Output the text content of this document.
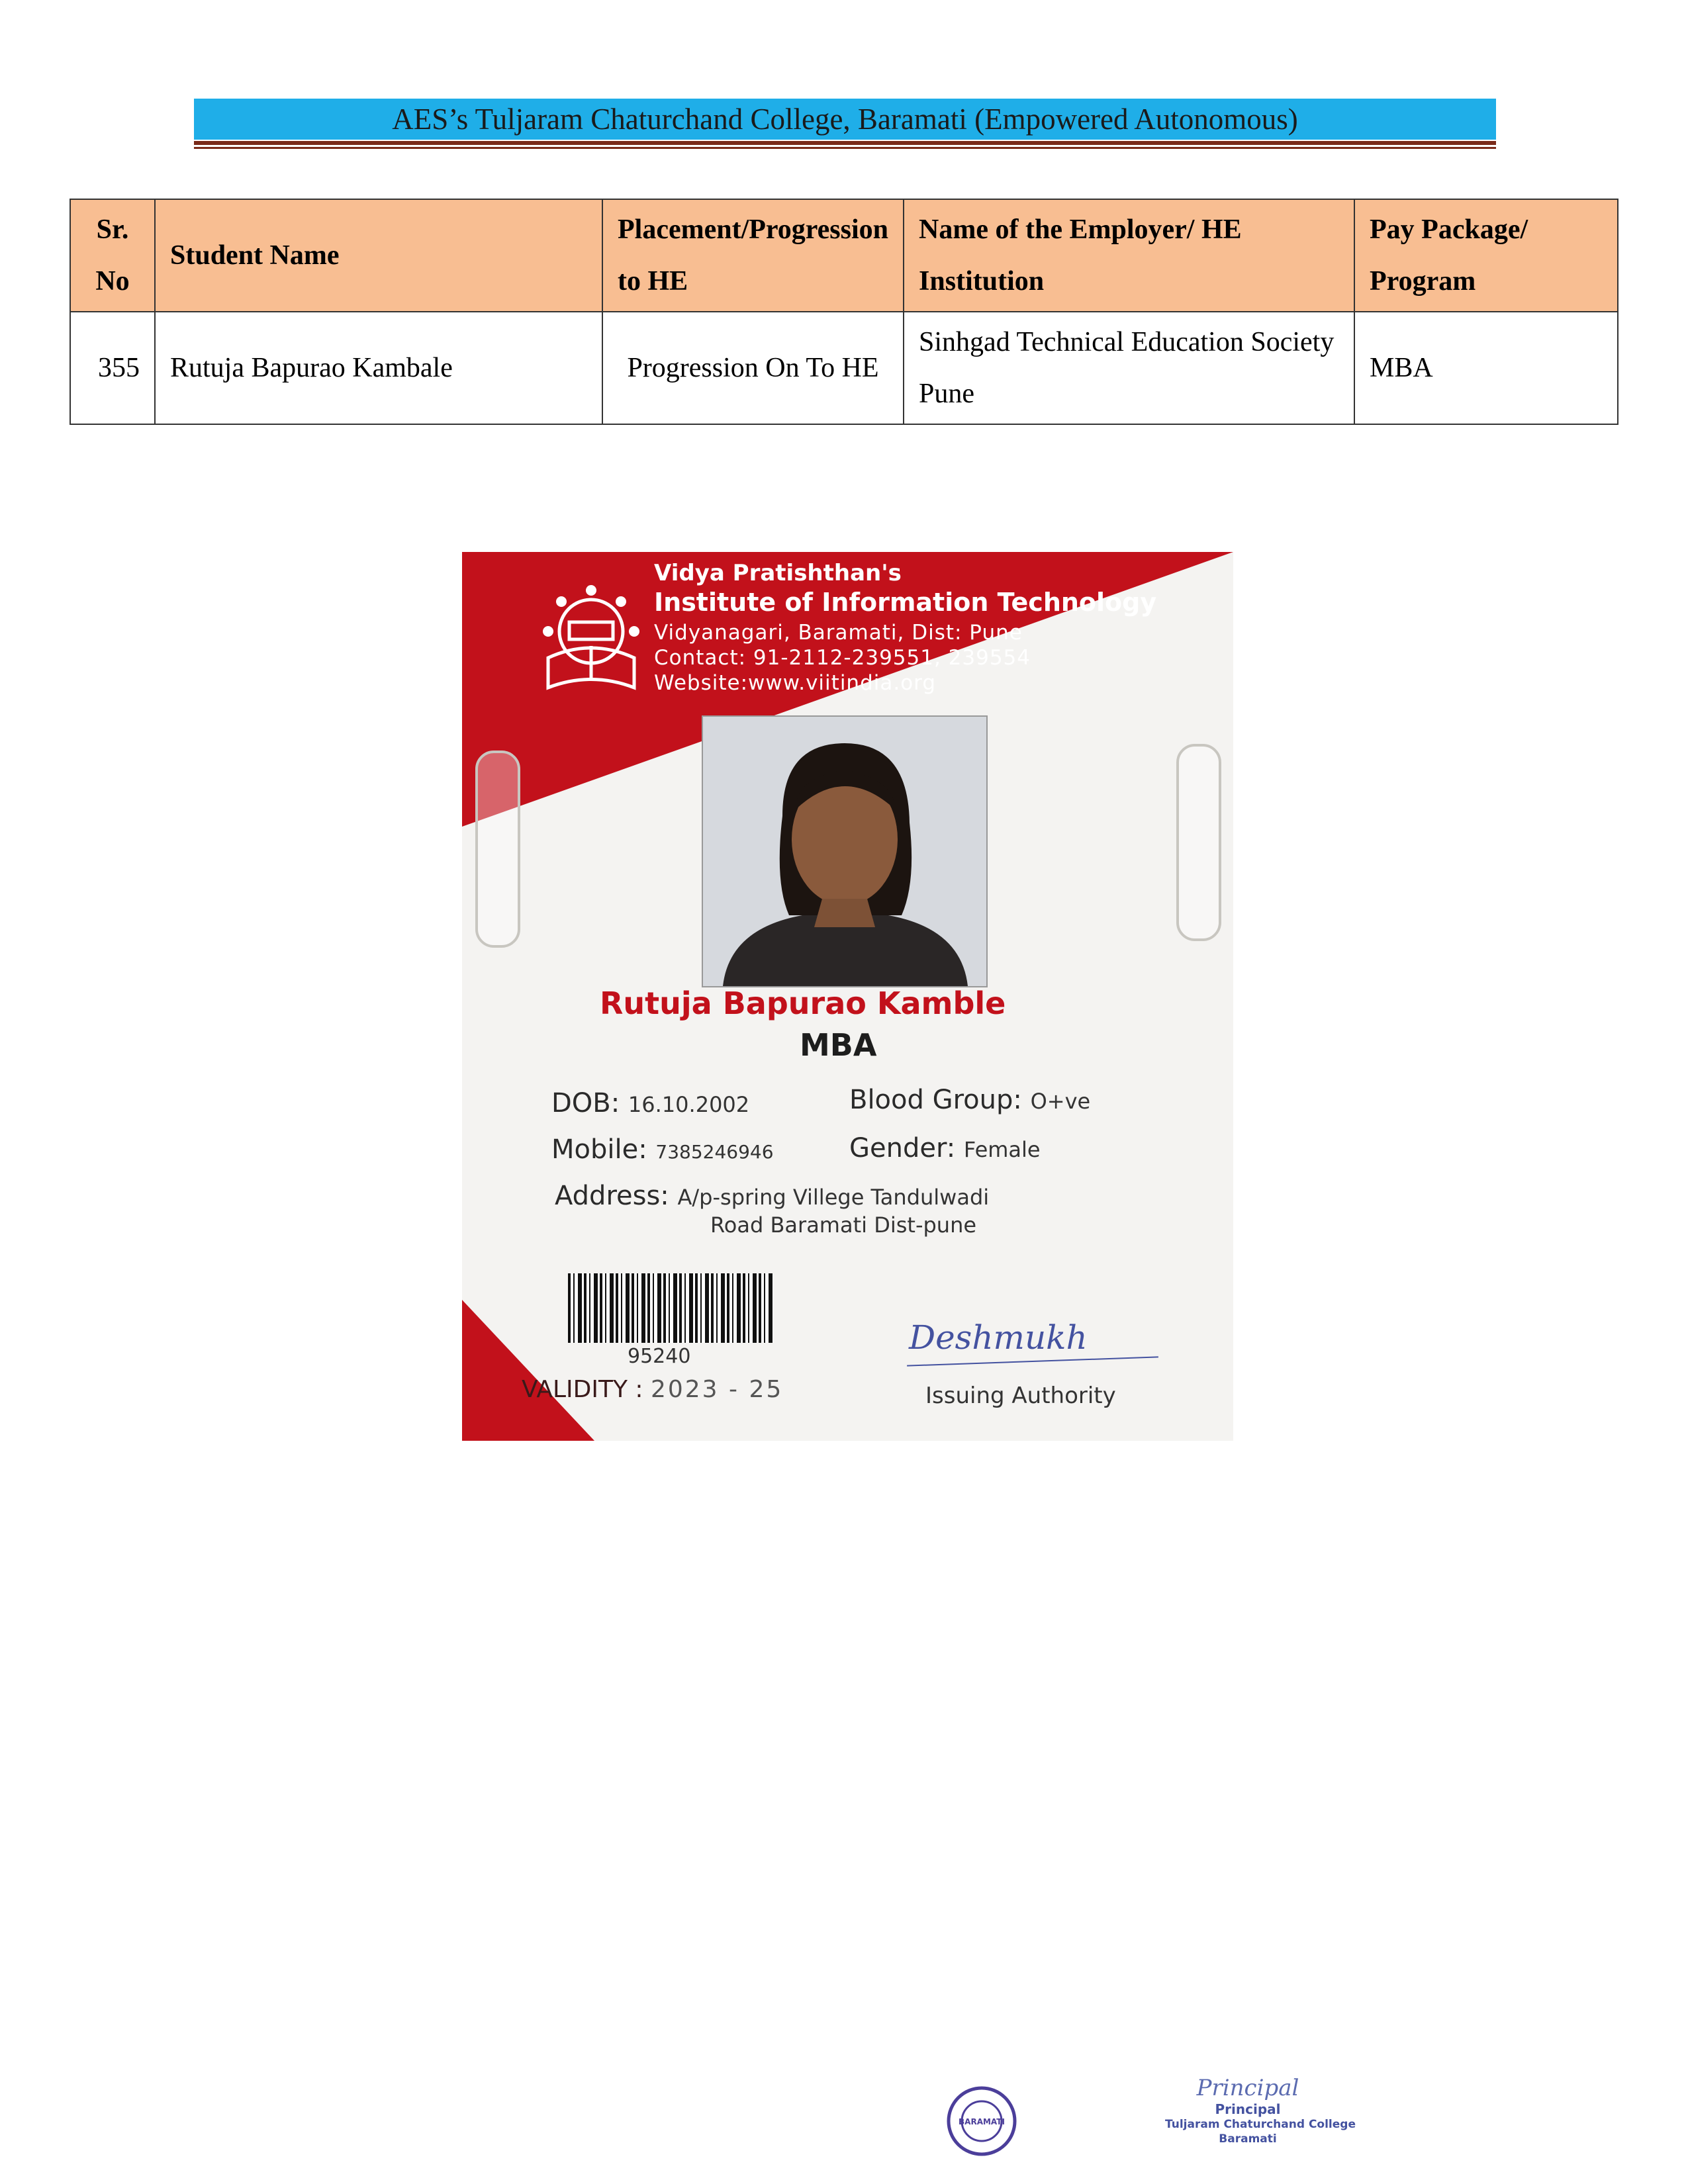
AES’s Tuljaram Chaturchand College, Baramati (Empowered Autonomous)
Sr. No	Student Name	Placement/Progression to HE	Name of the Employer/ HE Institution	Pay Package/ Program
355	Rutuja Bapurao Kambale	Progression On To HE	Sinhgad Technical Education Society Pune	MBA
Vidya Pratishthan's
Institute of Information Technology
Vidyanagari, Baramati, Dist: Pune
Contact: 91-2112-239551, 239554
Website:www.viitindia.org
Rutuja Bapurao Kamble
MBA
DOB: 16.10.2002	Blood Group: O+ve
Mobile: 7385246946	Gender: Female
Address: A/p-spring Villege Tandulwadi
Road Baramati Dist-pune
95240
VALIDITY : 2023 - 25
Deshmukh
Issuing Authority
BARAMATI
Principal
Principal
Tuljaram Chaturchand College
Baramati
